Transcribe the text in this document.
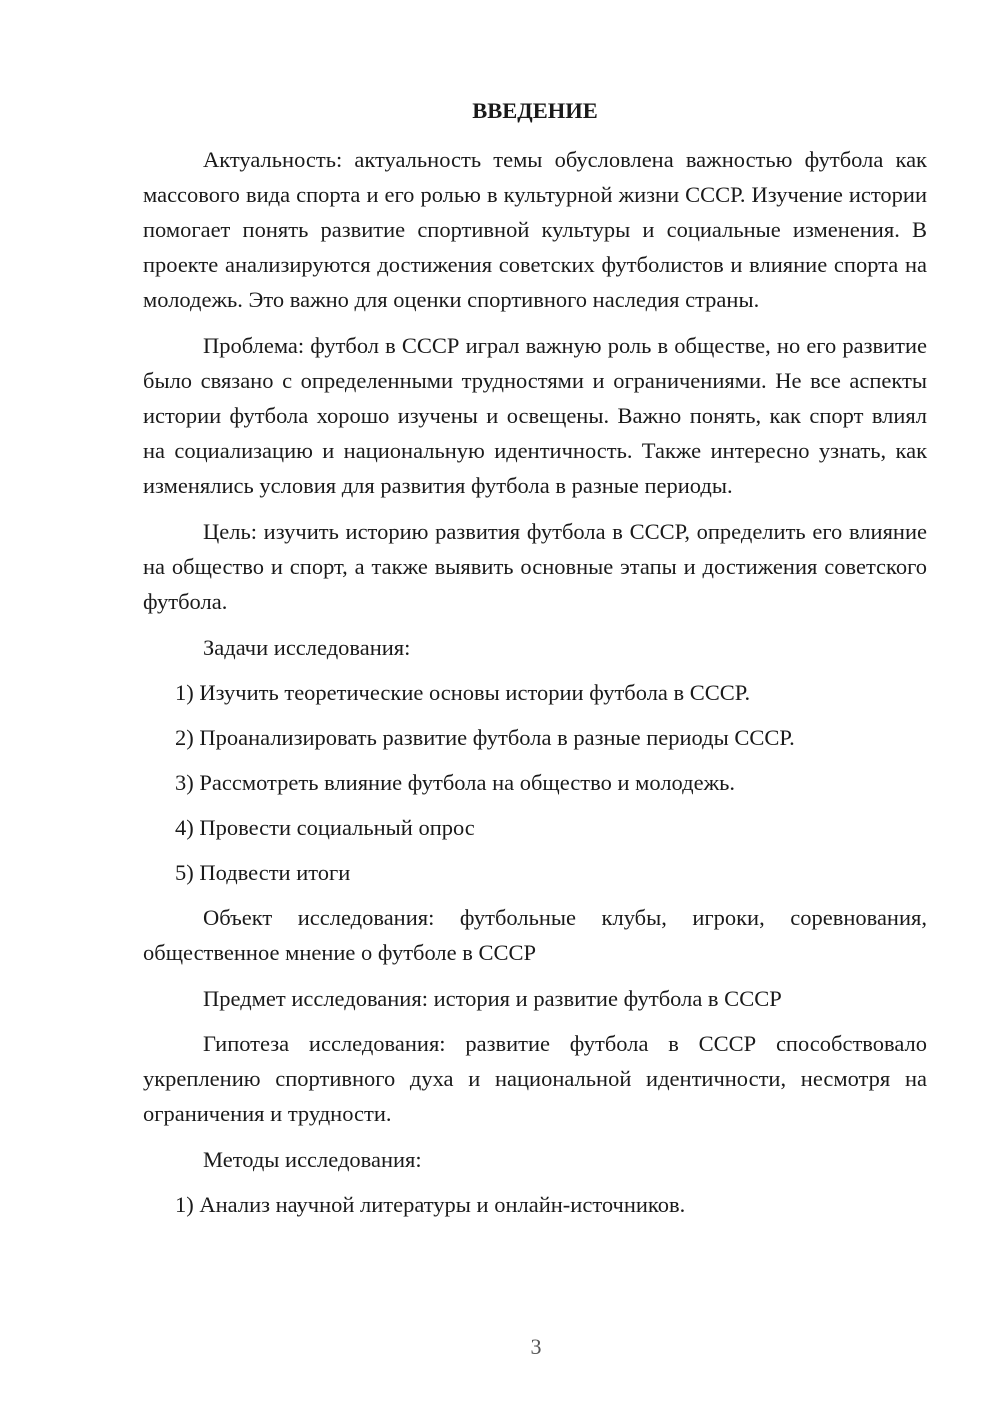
ВВЕДЕНИЕ

Актуальность: актуальность темы обусловлена важностью футбола как массового вида спорта и его ролью в культурной жизни СССР. Изучение истории помогает понять развитие спортивной культуры и социальные изменения. В проекте анализируются достижения советских футболистов и влияние спорта на молодежь. Это важно для оценки спортивного наследия страны.

Проблема: футбол в СССР играл важную роль в обществе, но его развитие было связано с определенными трудностями и ограничениями. Не все аспекты истории футбола хорошо изучены и освещены. Важно понять, как спорт влиял на социализацию и национальную идентичность. Также интересно узнать, как изменялись условия для развития футбола в разные периоды.

Цель: изучить историю развития футбола в СССР, определить его влияние на общество и спорт, а также выявить основные этапы и достижения советского футбола.

Задачи исследования:

1) Изучить теоретические основы истории футбола в СССР.
2) Проанализировать развитие футбола в разные периоды СССР.
3) Рассмотреть влияние футбола на общество и молодежь.
4) Провести социальный опрос
5) Подвести итоги

Объект исследования: футбольные клубы, игроки, соревнования, общественное мнение о футболе в СССР

Предмет исследования: история и развитие футбола в СССР

Гипотеза исследования: развитие футбола в СССР способствовало укреплению спортивного духа и национальной идентичности, несмотря на ограничения и трудности.

Методы исследования:

1) Анализ научной литературы и онлайн-источников.
3
